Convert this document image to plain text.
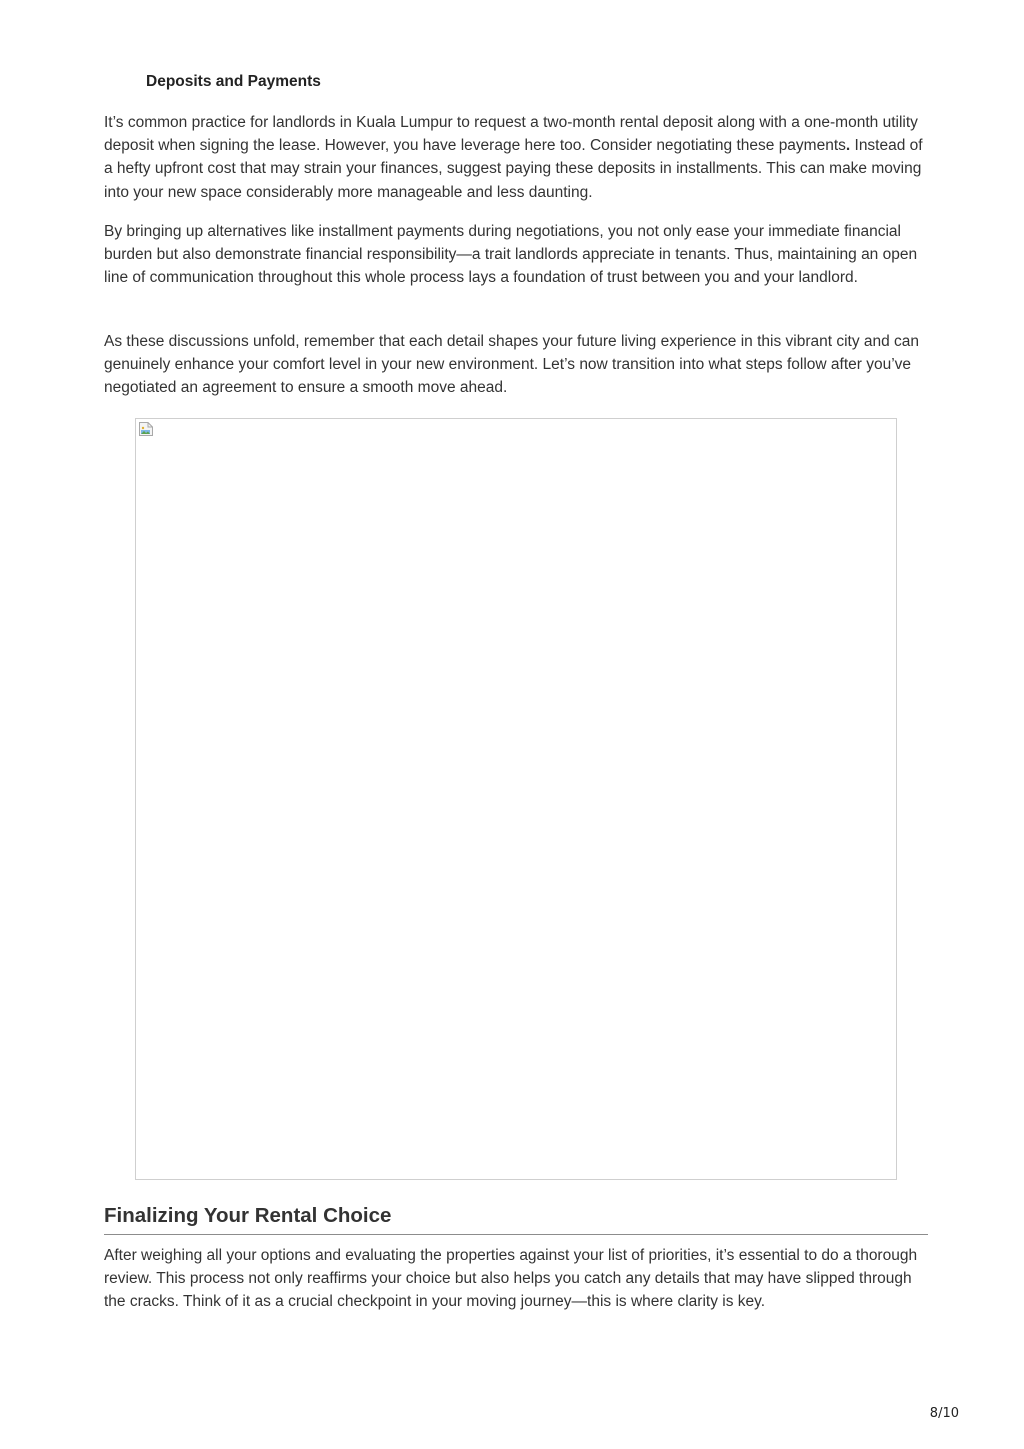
Deposits and Payments

It’s common practice for landlords in Kuala Lumpur to request a two-month rental deposit along with a one-month utility deposit when signing the lease. However, you have leverage here too. Consider negotiating these payments. Instead of a hefty upfront cost that may strain your finances, suggest paying these deposits in installments. This can make moving into your new space considerably more manageable and less daunting.

By bringing up alternatives like installment payments during negotiations, you not only ease your immediate financial burden but also demonstrate financial responsibility—a trait landlords appreciate in tenants. Thus, maintaining an open line of communication throughout this whole process lays a foundation of trust between you and your landlord.

As these discussions unfold, remember that each detail shapes your future living experience in this vibrant city and can genuinely enhance your comfort level in your new environment. Let’s now transition into what steps follow after you’ve negotiated an agreement to ensure a smooth move ahead.

Finalizing Your Rental Choice

After weighing all your options and evaluating the properties against your list of priorities, it’s essential to do a thorough review. This process not only reaffirms your choice but also helps you catch any details that may have slipped through the cracks. Think of it as a crucial checkpoint in your moving journey—this is where clarity is key.

8/10
